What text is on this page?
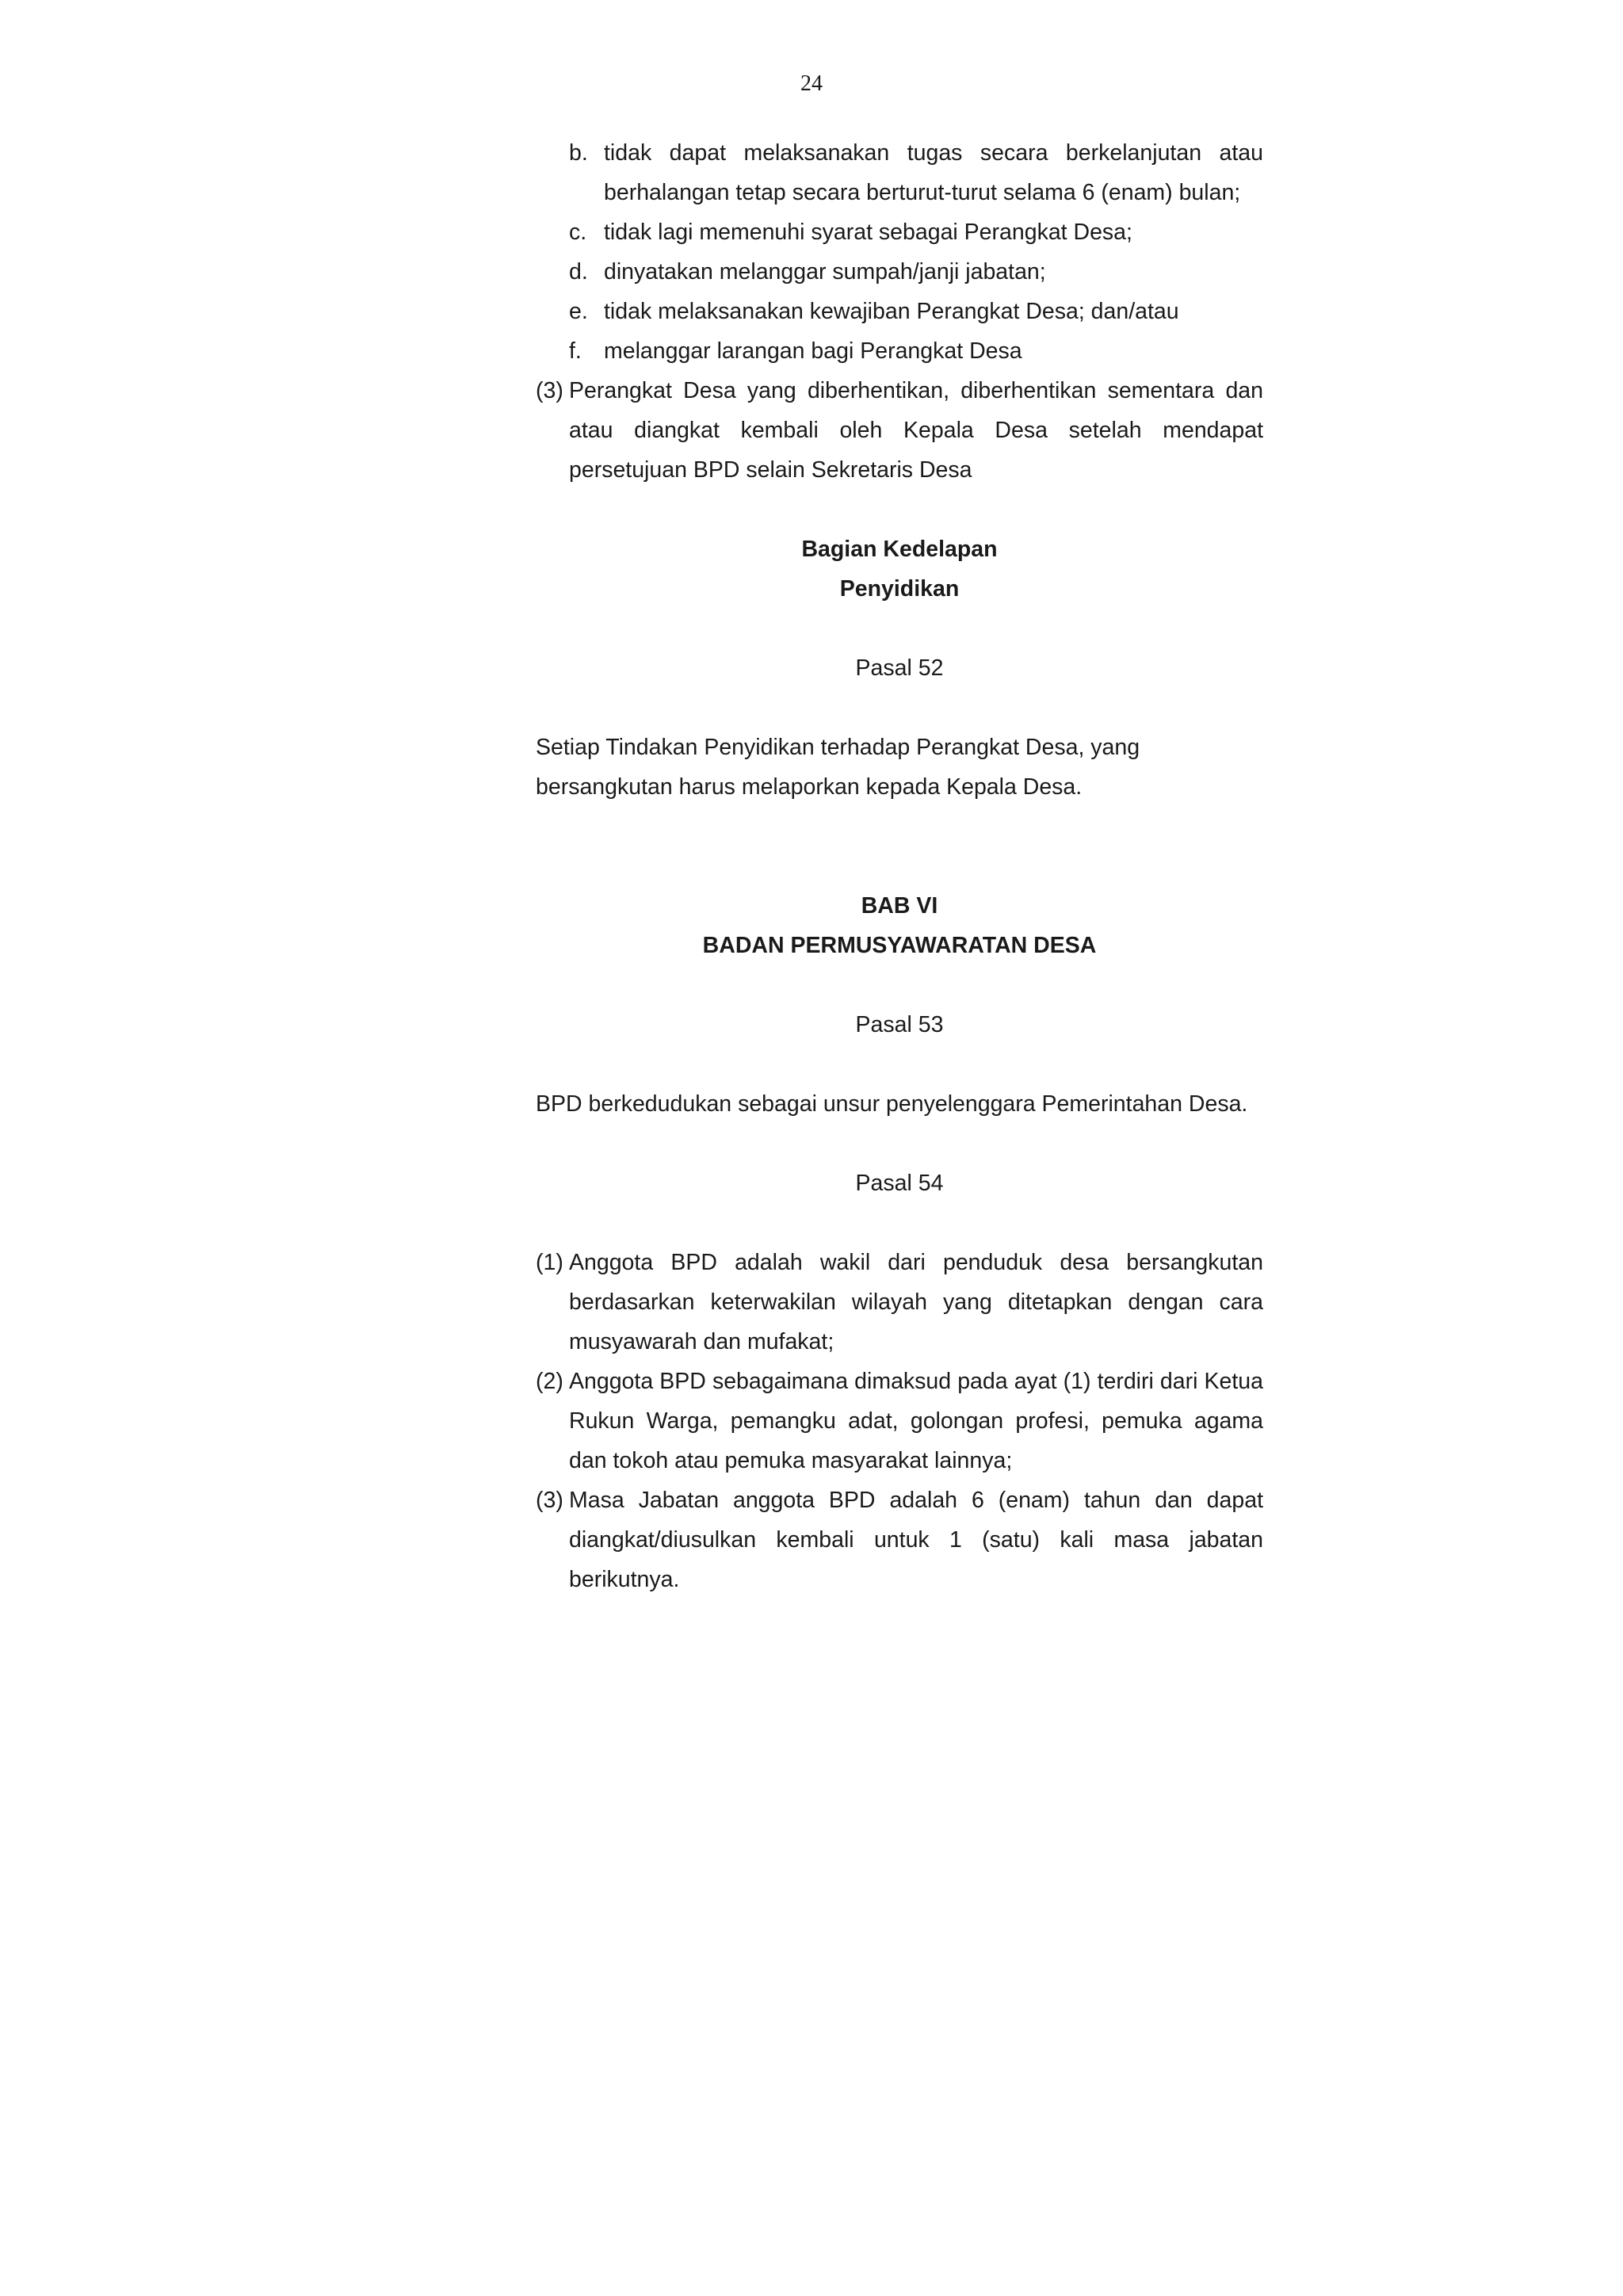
24
b. tidak dapat melaksanakan tugas secara berkelanjutan atau berhalangan tetap secara berturut-turut selama 6 (enam) bulan;
c. tidak lagi memenuhi syarat sebagai Perangkat Desa;
d. dinyatakan melanggar sumpah/janji jabatan;
e. tidak melaksanakan kewajiban Perangkat Desa; dan/atau
f. melanggar larangan bagi Perangkat Desa
(3) Perangkat Desa yang diberhentikan, diberhentikan sementara dan atau diangkat kembali oleh Kepala Desa setelah mendapat persetujuan BPD selain Sekretaris Desa
Bagian Kedelapan
Penyidikan
Pasal 52
Setiap Tindakan Penyidikan terhadap Perangkat Desa, yang bersangkutan harus melaporkan kepada Kepala Desa.
BAB VI
BADAN PERMUSYAWARATAN DESA
Pasal 53
BPD berkedudukan sebagai unsur penyelenggara Pemerintahan Desa.
Pasal 54
(1) Anggota BPD adalah wakil dari penduduk desa bersangkutan berdasarkan keterwakilan wilayah yang ditetapkan dengan cara musyawarah dan mufakat;
(2) Anggota BPD sebagaimana dimaksud pada ayat (1) terdiri dari Ketua Rukun Warga, pemangku adat, golongan profesi, pemuka agama dan tokoh atau pemuka masyarakat lainnya;
(3) Masa Jabatan anggota BPD adalah 6 (enam) tahun dan dapat diangkat/diusulkan kembali untuk 1 (satu) kali masa jabatan berikutnya.
